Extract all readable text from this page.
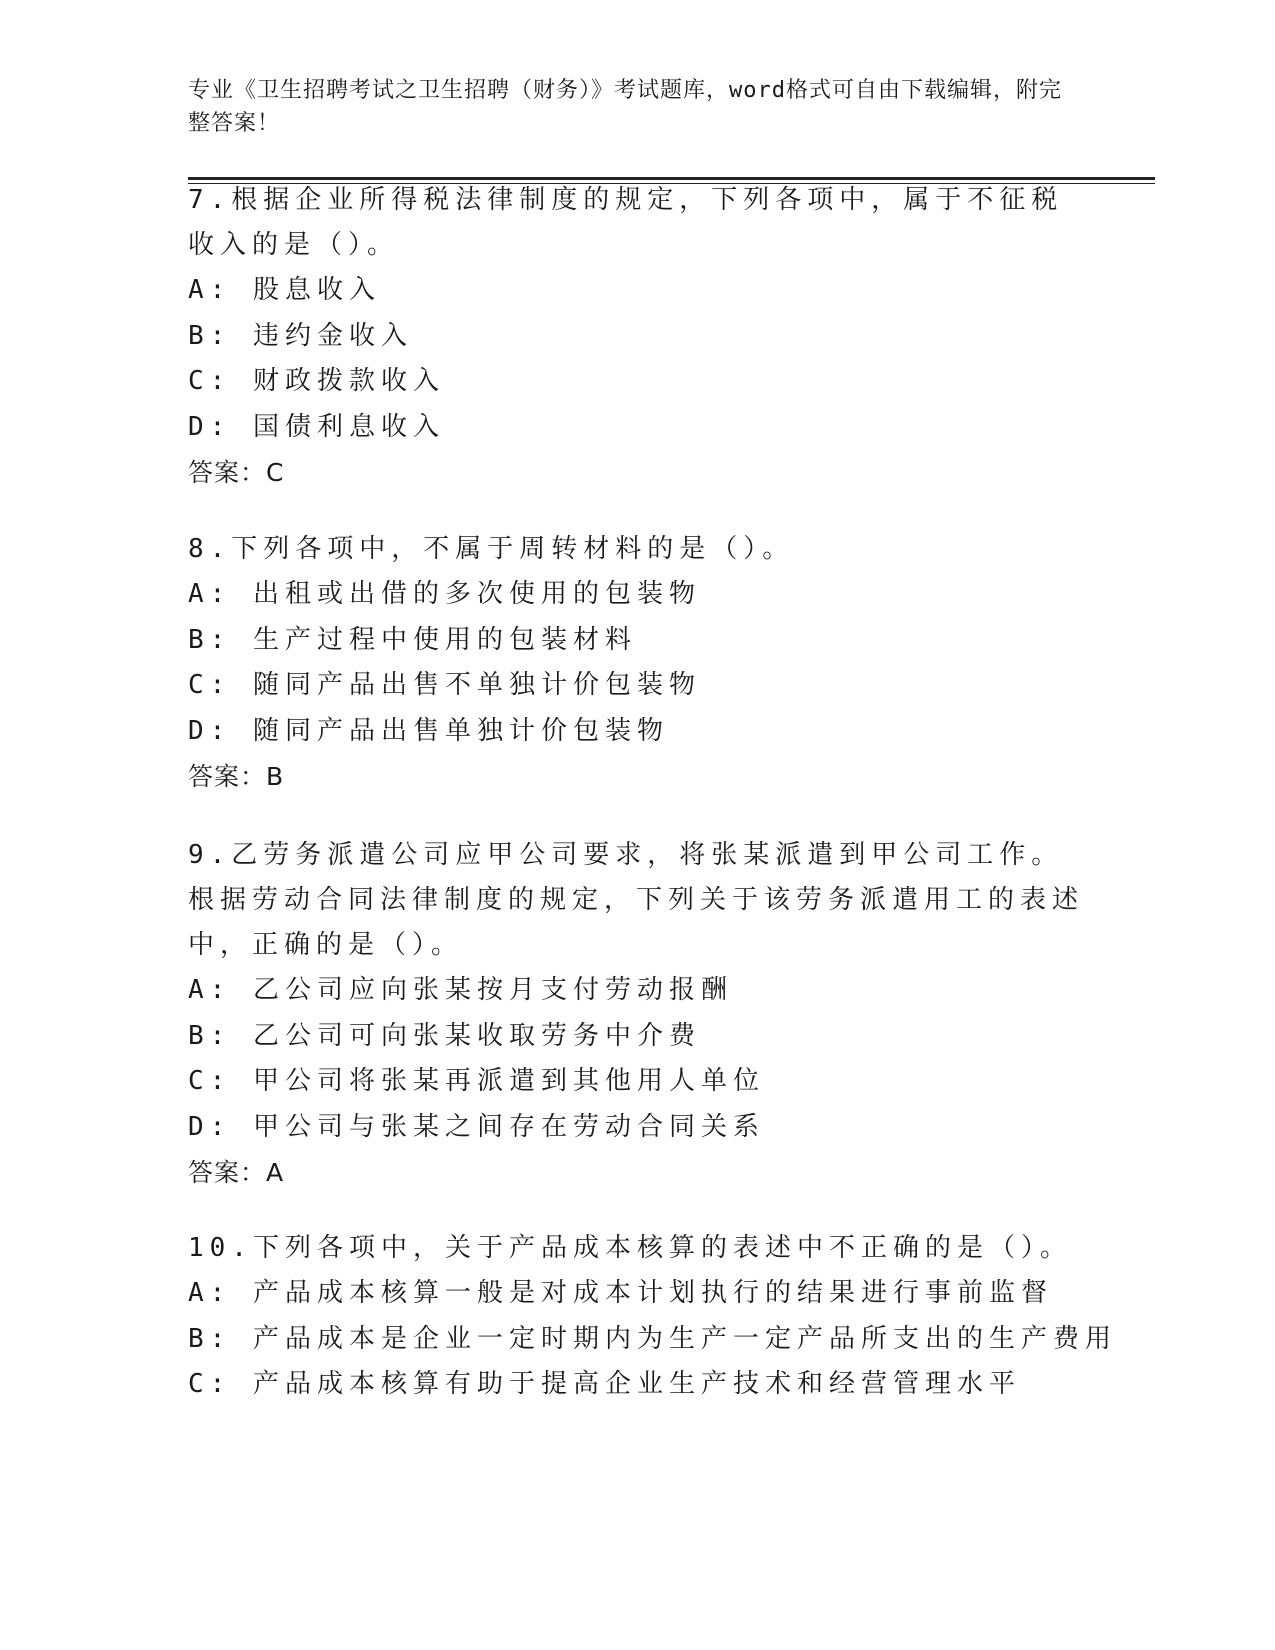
专业《卫生招聘考试之卫生招聘（财务）》考试题库，word格式可自由下载编辑，附完整答案！
7.根据企业所得税法律制度的规定，下列各项中，属于不征税收入的是（）。
A: 股息收入
B: 违约金收入
C: 财政拨款收入
D: 国债利息收入
答案：C
8.下列各项中，不属于周转材料的是（）。
A: 出租或出借的多次使用的包装物
B: 生产过程中使用的包装材料
C: 随同产品出售不单独计价包装物
D: 随同产品出售单独计价包装物
答案：B
9.乙劳务派遣公司应甲公司要求，将张某派遣到甲公司工作。根据劳动合同法律制度的规定，下列关于该劳务派遣用工的表述中，正确的是（）。
A: 乙公司应向张某按月支付劳动报酬
B: 乙公司可向张某收取劳务中介费
C: 甲公司将张某再派遣到其他用人单位
D: 甲公司与张某之间存在劳动合同关系
答案：A
10.下列各项中，关于产品成本核算的表述中不正确的是（）。
A: 产品成本核算一般是对成本计划执行的结果进行事前监督
B: 产品成本是企业一定时期内为生产一定产品所支出的生产费用
C: 产品成本核算有助于提高企业生产技术和经营管理水平
